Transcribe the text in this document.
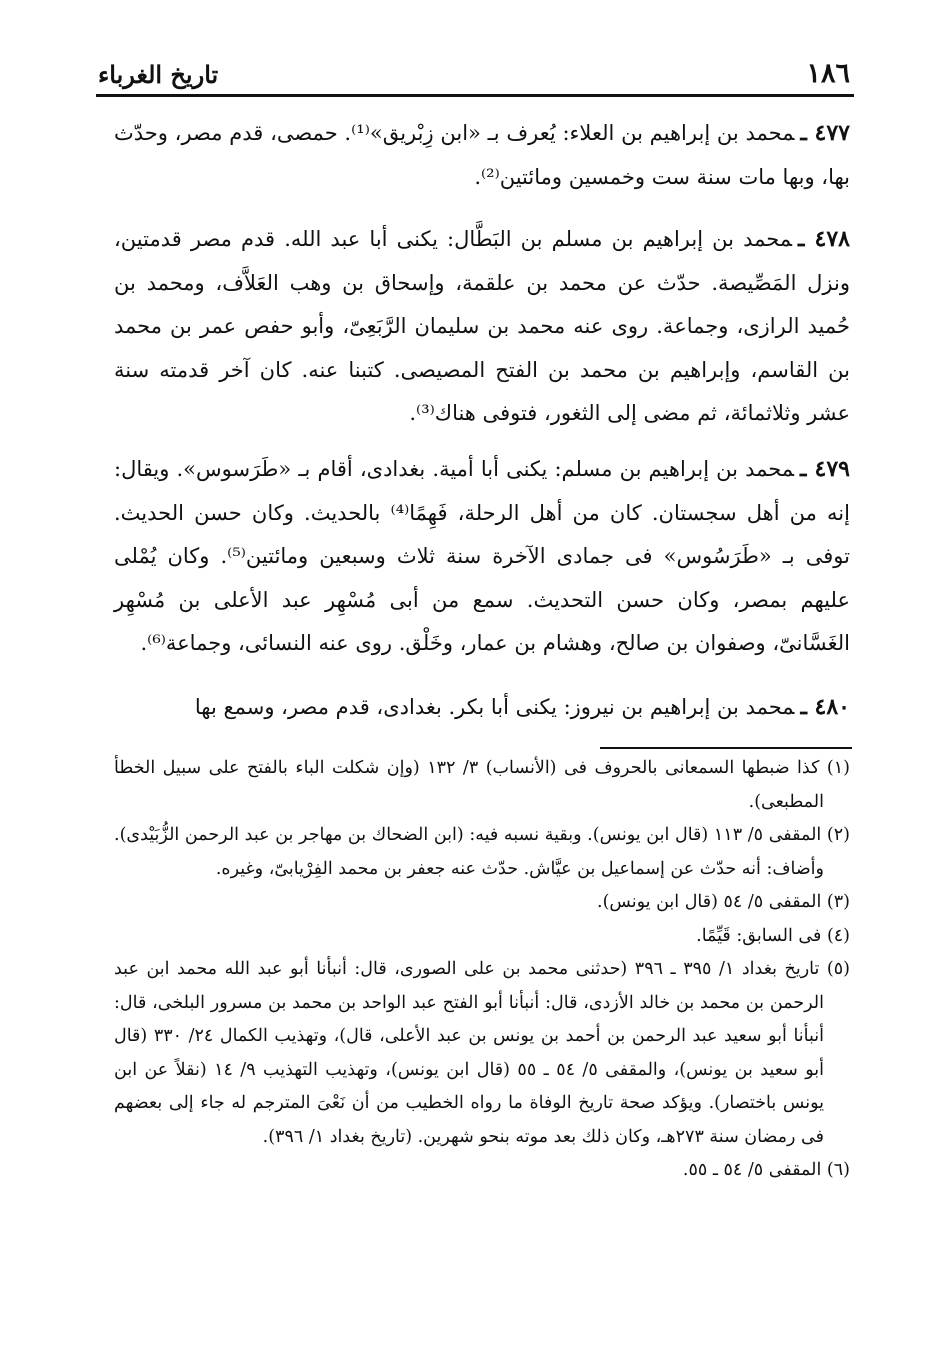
١٨٦
تاريخ الغرباء

٤٧٧ ـمحمد بن إبراهيم بن العلاء: يُعرف بـ «ابن زِبْريق»⁽¹⁾. حمصى، قدم مصر، وحدّث بها، وبها مات سنة ست وخمسين ومائتين⁽²⁾.

٤٧٨ ـمحمد بن إبراهيم بن مسلم بن البَطَّال: يكنى أبا عبد الله. قدم مصر قدمتين، ونزل المَصِّيصة. حدّث عن محمد بن علقمة، وإسحاق بن وهب العَلاَّف، ومحمد بن حُميد الرازى، وجماعة. روى عنه محمد بن سليمان الرَّبَعِىّ، وأبو حفص عمر بن محمد بن القاسم، وإبراهيم بن محمد بن الفتح المصيصى. كتبنا عنه. كان آخر قدمته سنة عشر وثلاثمائة، ثم مضى إلى الثغور، فتوفى هناك⁽³⁾.

٤٧٩ ـمحمد بن إبراهيم بن مسلم: يكنى أبا أمية. بغدادى، أقام بـ «طَرَسوس». ويقال: إنه من أهل سجستان. كان من أهل الرحلة، فَهِمًا⁽⁴⁾ بالحديث. وكان حسن الحديث. توفى بـ «طَرَسُوس» فى جمادى الآخرة سنة ثلاث وسبعين ومائتين⁽⁵⁾. وكان يُمْلى عليهم بمصر، وكان حسن التحديث. سمع من أبى مُسْهِر عبد الأعلى بن مُسْهِر الغَسَّانىّ، وصفوان بن صالح، وهشام بن عمار، وخَلْق. روى عنه النسائى، وجماعة⁽⁶⁾.

٤٨٠ ـمحمد بن إبراهيم بن نيروز: يكنى أبا بكر. بغدادى، قدم مصر، وسمع بها

(١) كذا ضبطها السمعانى بالحروف فى (الأنساب) ٣/ ١٣٢ (وإن شكلت الباء بالفتح على سبيل الخطأ المطبعى).

(٢) المقفى ٥/ ١١٣ (قال ابن يونس). وبقية نسبه فيه: (ابن الضحاك بن مهاجر بن عبد الرحمن الزُّبَيْدى). وأضاف: أنه حدّث عن إسماعيل بن عيَّاش. حدّث عنه جعفر بن محمد الفِرْيابىّ، وغيره.

(٣) المقفى ٥/ ٥٤ (قال ابن يونس).

(٤) فى السابق: قَيِّمًا.

(٥) تاريخ بغداد ١/ ٣٩٥ ـ ٣٩٦ (حدثنى محمد بن على الصورى، قال: أنبأنا أبو عبد الله محمد ابن عبد الرحمن بن محمد بن خالد الأزدى، قال: أنبأنا أبو الفتح عبد الواحد بن محمد بن مسرور البلخى، قال: أنبأنا أبو سعيد عبد الرحمن بن أحمد بن يونس بن عبد الأعلى، قال)، وتهذيب الكمال ٢٤/ ٣٣٠ (قال أبو سعيد بن يونس)، والمقفى ٥/ ٥٤ ـ ٥٥ (قال ابن يونس)، وتهذيب التهذيب ٩/ ١٤ (نقلاً عن ابن يونس باختصار). ويؤكد صحة تاريخ الوفاة ما رواه الخطيب من أن نَعْىَ المترجم له جاء إلى بعضهم فى رمضان سنة ٢٧٣هـ، وكان ذلك بعد موته بنحو شهرين. (تاريخ بغداد ١/ ٣٩٦).

(٦) المقفى ٥/ ٥٤ ـ ٥٥.
